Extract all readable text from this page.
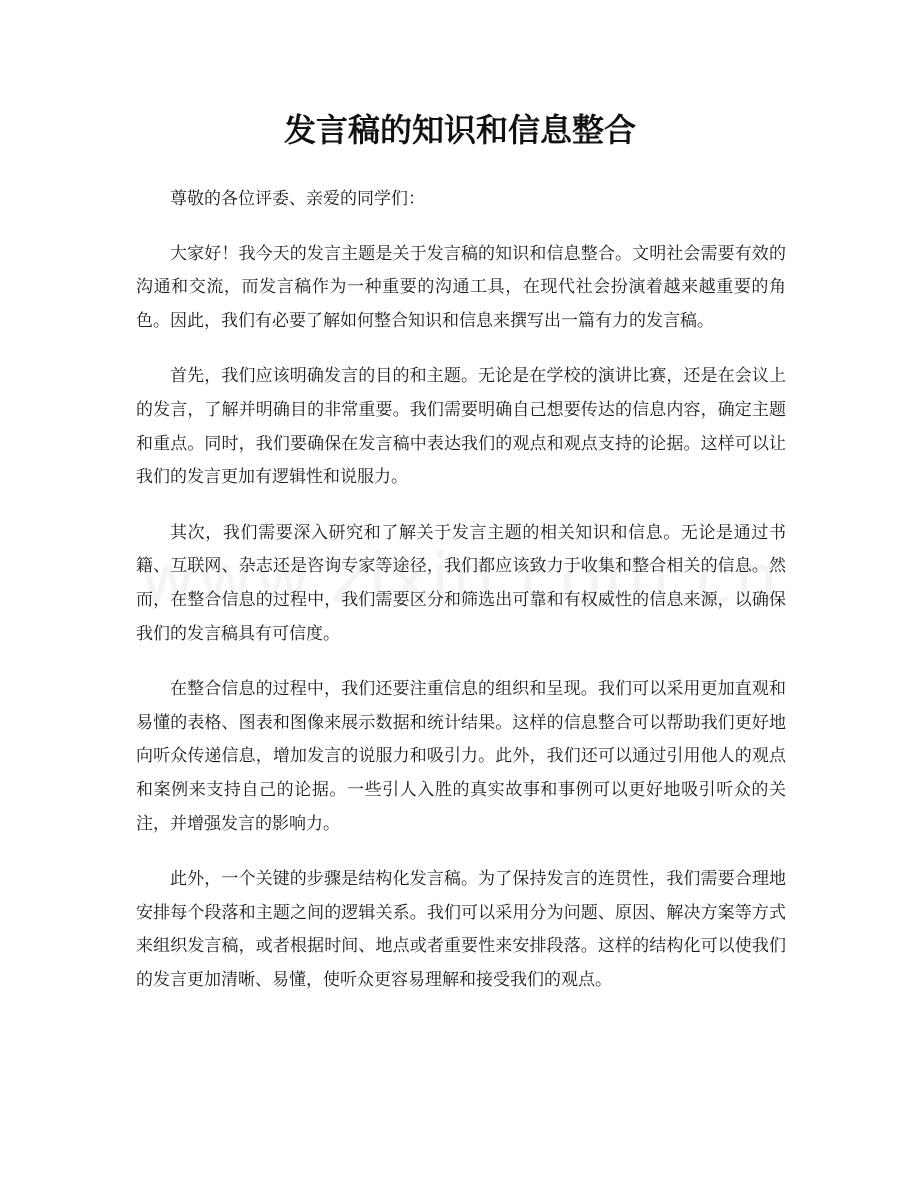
发言稿的知识和信息整合

尊敬的各位评委、亲爱的同学们：

大家好！我今天的发言主题是关于发言稿的知识和信息整合。文明社会需要有效的沟通和交流，而发言稿作为一种重要的沟通工具，在现代社会扮演着越来越重要的角色。因此，我们有必要了解如何整合知识和信息来撰写出一篇有力的发言稿。

首先，我们应该明确发言的目的和主题。无论是在学校的演讲比赛，还是在会议上的发言，了解并明确目的非常重要。我们需要明确自己想要传达的信息内容，确定主题和重点。同时，我们要确保在发言稿中表达我们的观点和观点支持的论据。这样可以让我们的发言更加有逻辑性和说服力。

其次，我们需要深入研究和了解关于发言主题的相关知识和信息。无论是通过书籍、互联网、杂志还是咨询专家等途径，我们都应该致力于收集和整合相关的信息。然而，在整合信息的过程中，我们需要区分和筛选出可靠和有权威性的信息来源，以确保我们的发言稿具有可信度。

在整合信息的过程中，我们还要注重信息的组织和呈现。我们可以采用更加直观和易懂的表格、图表和图像来展示数据和统计结果。这样的信息整合可以帮助我们更好地向听众传递信息，增加发言的说服力和吸引力。此外，我们还可以通过引用他人的观点和案例来支持自己的论据。一些引人入胜的真实故事和事例可以更好地吸引听众的关注，并增强发言的影响力。

此外，一个关键的步骤是结构化发言稿。为了保持发言的连贯性，我们需要合理地安排每个段落和主题之间的逻辑关系。我们可以采用分为问题、原因、解决方案等方式来组织发言稿，或者根据时间、地点或者重要性来安排段落。这样的结构化可以使我们的发言更加清晰、易懂，使听众更容易理解和接受我们的观点。
